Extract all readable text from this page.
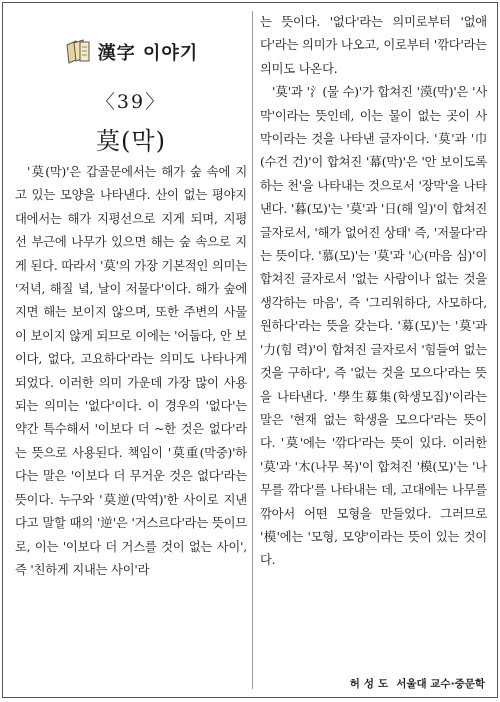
漢字 이야기
〈39〉
莫(막)

'莫(막)'은 갑골문에서는 해가 숲 속에 지고 있는 모양을 나타낸다. 산이 없는 평야지대에서는 해가 지평선으로 지게 되며, 지평선 부근에 나무가 있으면 해는 숲 속으로 지게 된다. 따라서 '莫'의 가장 기본적인 의미는 '저녁, 해질 녘, 날이 저물다'이다. 해가 숲에 지면 해는 보이지 않으며, 또한 주변의 사물이 보이지 않게 되므로 이에는 '어둡다, 안 보이다, 없다, 고요하다'라는 의미도 나타나게 되었다. 이러한 의미 가운데 가장 많이 사용되는 의미는 '없다'이다. 이 경우의 '없다'는 약간 특수해서 '이보다 더 ~한 것은 없다'라는 뜻으로 사용된다. 책임이 '莫重(막중)'하다는 말은 '이보다 더 무거운 것은 없다'라는 뜻이다. 누구와 '莫逆(막역)'한 사이로 지낸다고 말할 때의 '逆'은 '거스르다'라는 뜻이므로, 이는 '이보다 더 거스를 것이 없는 사이', 즉 '친하게 지내는 사이'라

는 뜻이다. '없다'라는 의미로부터 '없애다'라는 의미가 나오고, 이로부터 '깎다'라는 의미도 나온다.

'莫'과 '氵(물 수)'가 합쳐진 '漠(막)'은 '사막'이라는 뜻인데, 이는 물이 없는 곳이 사막이라는 것을 나타낸 글자이다. '莫'과 '巾(수건 건)'이 합쳐진 '幕(막)'은 '안 보이도록 하는 천'을 나타내는 것으로서 '장막'을 나타낸다. '暮(모)'는 '莫'과 '日(해 일)'이 합쳐진 글자로서, '해가 없어진 상태' 즉, '저물다'라는 뜻이다. '慕(모)'는 '莫'과 '心(마음 심)'이 합쳐진 글자로서 '없는 사람이나 없는 것을 생각하는 마음', 즉 '그리워하다, 사모하다, 원하다'라는 뜻을 갖는다. '募(모)'는 '莫'과 '力(힘 력)'이 합쳐진 글자로서 '힘들여 없는 것을 구하다', 즉 '없는 것을 모으다'라는 뜻을 나타낸다. '學生募集(학생모집)'이라는 말은 '현재 없는 학생을 모으다'라는 뜻이다. '莫'에는 '깎다'라는 뜻이 있다. 이러한 '莫'과 '木(나무 목)'이 합쳐진 '模(모)'는 '나무를 깎다'를 나타내는 데, 고대에는 나무를 깎아서 어떤 모형을 만들었다. 그러므로 '模'에는 '모형, 모양'이라는 뜻이 있는 것이다.

허성도 서울대 교수·중문학
